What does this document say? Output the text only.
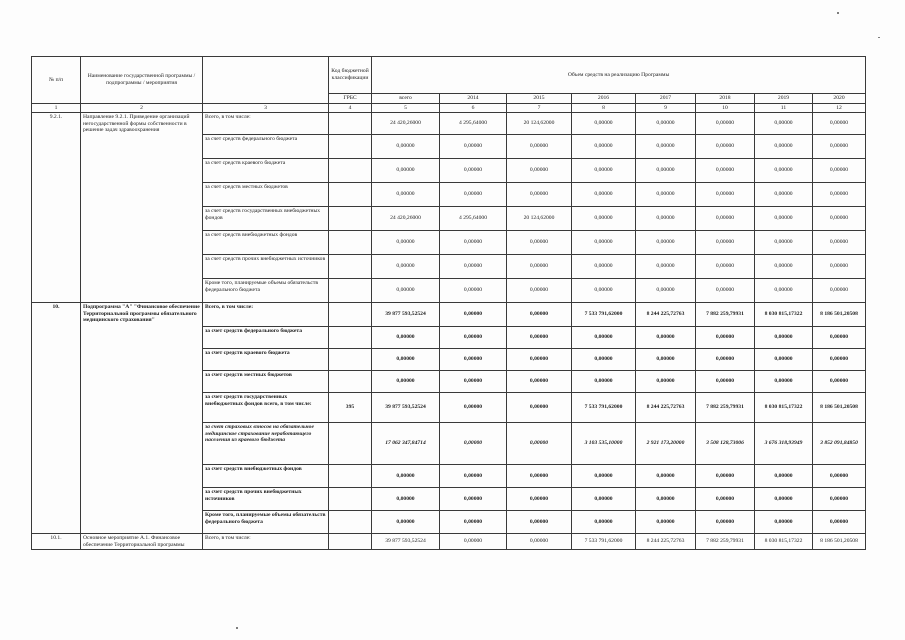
№ п/п	Наименование государственной программы / подпрограммы / мероприятия		Код бюджетной классификации	Объем средств на реализацию Программы							
			ГРБС	всего	2014	2015	2016	2017	2018	2019	2020
1	2	3	4	5	6	7	8	9	10	11	12
9.2.1.	Направление 9.2.1. Приведение организаций негосударственной формы собственности в решение задач здравоохранения	Всего, в том числе:		24 420,26000	4 295,64000	20 124,62000	0,00000	0,00000	0,00000	0,00000	0,00000
		за счет средств федерального бюджета		0,00000	0,00000	0,00000	0,00000	0,00000	0,00000	0,00000	0,00000
		за счет средств краевого бюджета		0,00000	0,00000	0,00000	0,00000	0,00000	0,00000	0,00000	0,00000
		за счет средств местных бюджетов		0,00000	0,00000	0,00000	0,00000	0,00000	0,00000	0,00000	0,00000
		за счет средств государственных внебюджетных фондов		24 420,26000	4 295,64000	20 124,62000	0,00000	0,00000	0,00000	0,00000	0,00000
		за счет средств внебюджетных фондов		0,00000	0,00000	0,00000	0,00000	0,00000	0,00000	0,00000	0,00000
		за счет средств прочих внебюджетных источников		0,00000	0,00000	0,00000	0,00000	0,00000	0,00000	0,00000	0,00000
		Кроме того, планируемые объемы обязательств федерального бюджета		0,00000	0,00000	0,00000	0,00000	0,00000	0,00000	0,00000	0,00000
10.	Подпрограмма "А" "Финансовое обеспечение Территориальной программы обязательного медицинского страхования"	Всего, в том числе:		39 877 593,52524	0,00000	0,00000	7 533 791,62000	8 244 225,72763	7 882 259,79931	8 030 815,17322	8 186 501,20508
		за счет средств федерального бюджета		0,00000	0,00000	0,00000	0,00000	0,00000	0,00000	0,00000	0,00000
		за счет средств краевого бюджета		0,00000	0,00000	0,00000	0,00000	0,00000	0,00000	0,00000	0,00000
		за счет средств местных бюджетов		0,00000	0,00000	0,00000	0,00000	0,00000	0,00000	0,00000	0,00000
		за счет средств государственных внебюджетных фондов всего, в том числе:	395	39 877 593,52524	0,00000	0,00000	7 533 791,62000	8 244 225,72763	7 882 259,79931	8 030 815,17322	8 186 501,20508
		за счет страховых взносов на обязательное медицинское страхование неработающего населения из краевого бюджета		17 062 347,84714	0,00000	0,00000	3 103 535,10000	2 921 173,20000	3 508 128,73006	3 676 318,93949	3 852 091,84850
		за счет средств внебюджетных фондов		0,00000	0,00000	0,00000	0,00000	0,00000	0,00000	0,00000	0,00000
		за счет средств прочих внебюджетных источников		0,00000	0,00000	0,00000	0,00000	0,00000	0,00000	0,00000	0,00000
		Кроме того, планируемые объемы обязательств федерального бюджета		0,00000	0,00000	0,00000	0,00000	0,00000	0,00000	0,00000	0,00000
10.1.	Основное мероприятие А.1. Финансовое обеспечение Территориальной программы	Всего, в том числе:		39 877 593,52524	0,00000	0,00000	7 533 791,62000	8 244 225,72763	7 882 259,79931	8 030 815,17322	8 186 501,20508
